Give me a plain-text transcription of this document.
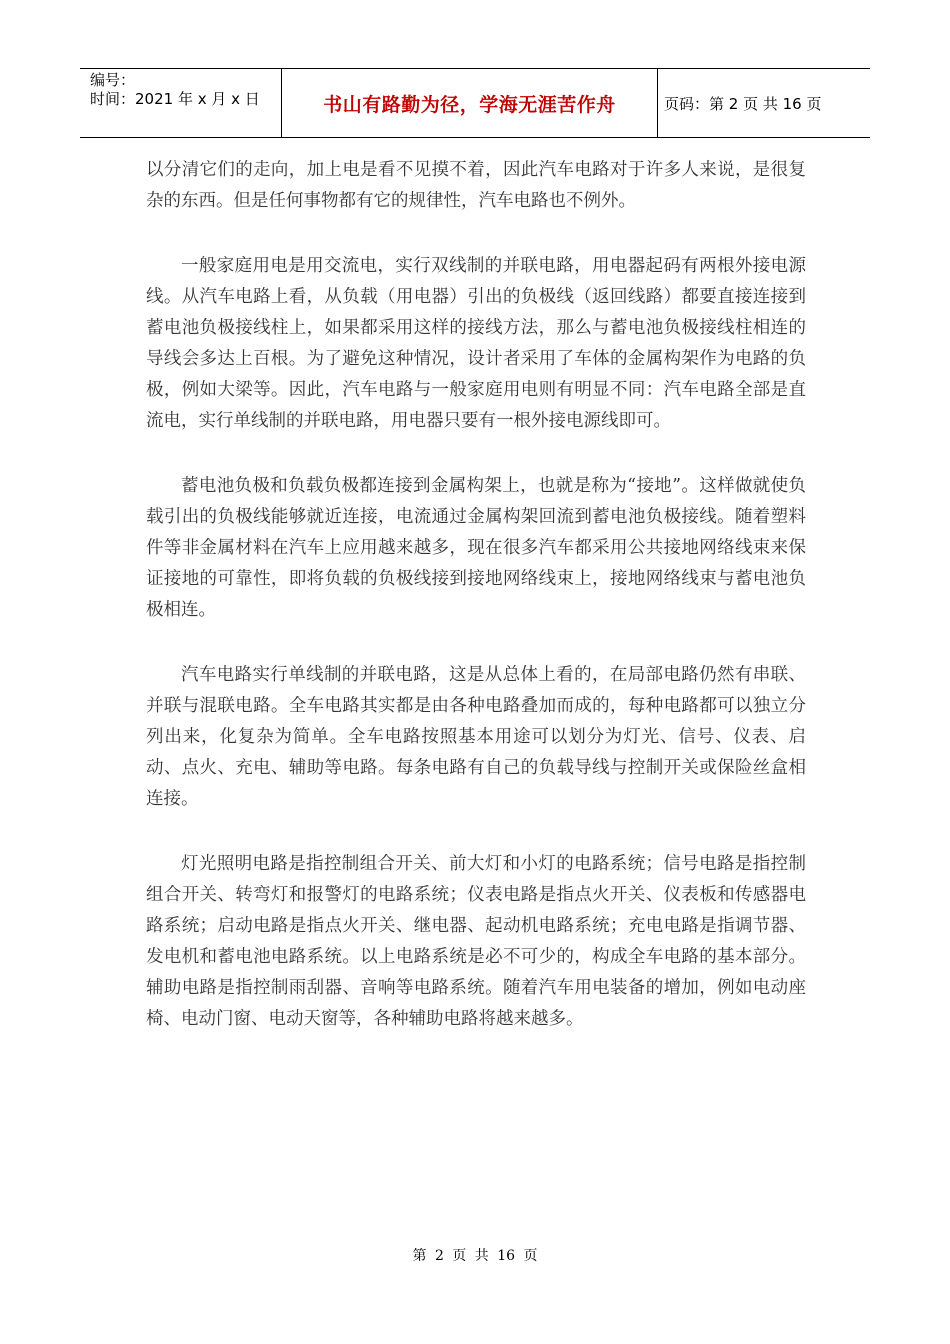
编号：
时间：2021 年 x 月 x 日	书山有路勤为径，学海无涯苦作舟	页码：第 2 页 共 16 页

以分清它们的走向，加上电是看不见摸不着，因此汽车电路对于许多人来说，是很复杂的东西。但是任何事物都有它的规律性，汽车电路也不例外。

一般家庭用电是用交流电，实行双线制的并联电路，用电器起码有两根外接电源线。从汽车电路上看，从负载（用电器）引出的负极线（返回线路）都要直接连接到蓄电池负极接线柱上，如果都采用这样的接线方法，那么与蓄电池负极接线柱相连的导线会多达上百根。为了避免这种情况，设计者采用了车体的金属构架作为电路的负极，例如大梁等。因此，汽车电路与一般家庭用电则有明显不同：汽车电路全部是直流电，实行单线制的并联电路，用电器只要有一根外接电源线即可。

蓄电池负极和负载负极都连接到金属构架上，也就是称为“接地”。这样做就使负载引出的负极线能够就近连接，电流通过金属构架回流到蓄电池负极接线。随着塑料件等非金属材料在汽车上应用越来越多，现在很多汽车都采用公共接地网络线束来保证接地的可靠性，即将负载的负极线接到接地网络线束上，接地网络线束与蓄电池负极相连。

汽车电路实行单线制的并联电路，这是从总体上看的，在局部电路仍然有串联、并联与混联电路。全车电路其实都是由各种电路叠加而成的，每种电路都可以独立分列出来，化复杂为简单。全车电路按照基本用途可以划分为灯光、信号、仪表、启动、点火、充电、辅助等电路。每条电路有自己的负载导线与控制开关或保险丝盒相连接。

灯光照明电路是指控制组合开关、前大灯和小灯的电路系统；信号电路是指控制组合开关、转弯灯和报警灯的电路系统；仪表电路是指点火开关、仪表板和传感器电路系统；启动电路是指点火开关、继电器、起动机电路系统；充电电路是指调节器、发电机和蓄电池电路系统。以上电路系统是必不可少的，构成全车电路的基本部分。辅助电路是指控制雨刮器、音响等电路系统。随着汽车用电装备的增加，例如电动座椅、电动门窗、电动天窗等，各种辅助电路将越来越多。

第 2 页 共 16 页
